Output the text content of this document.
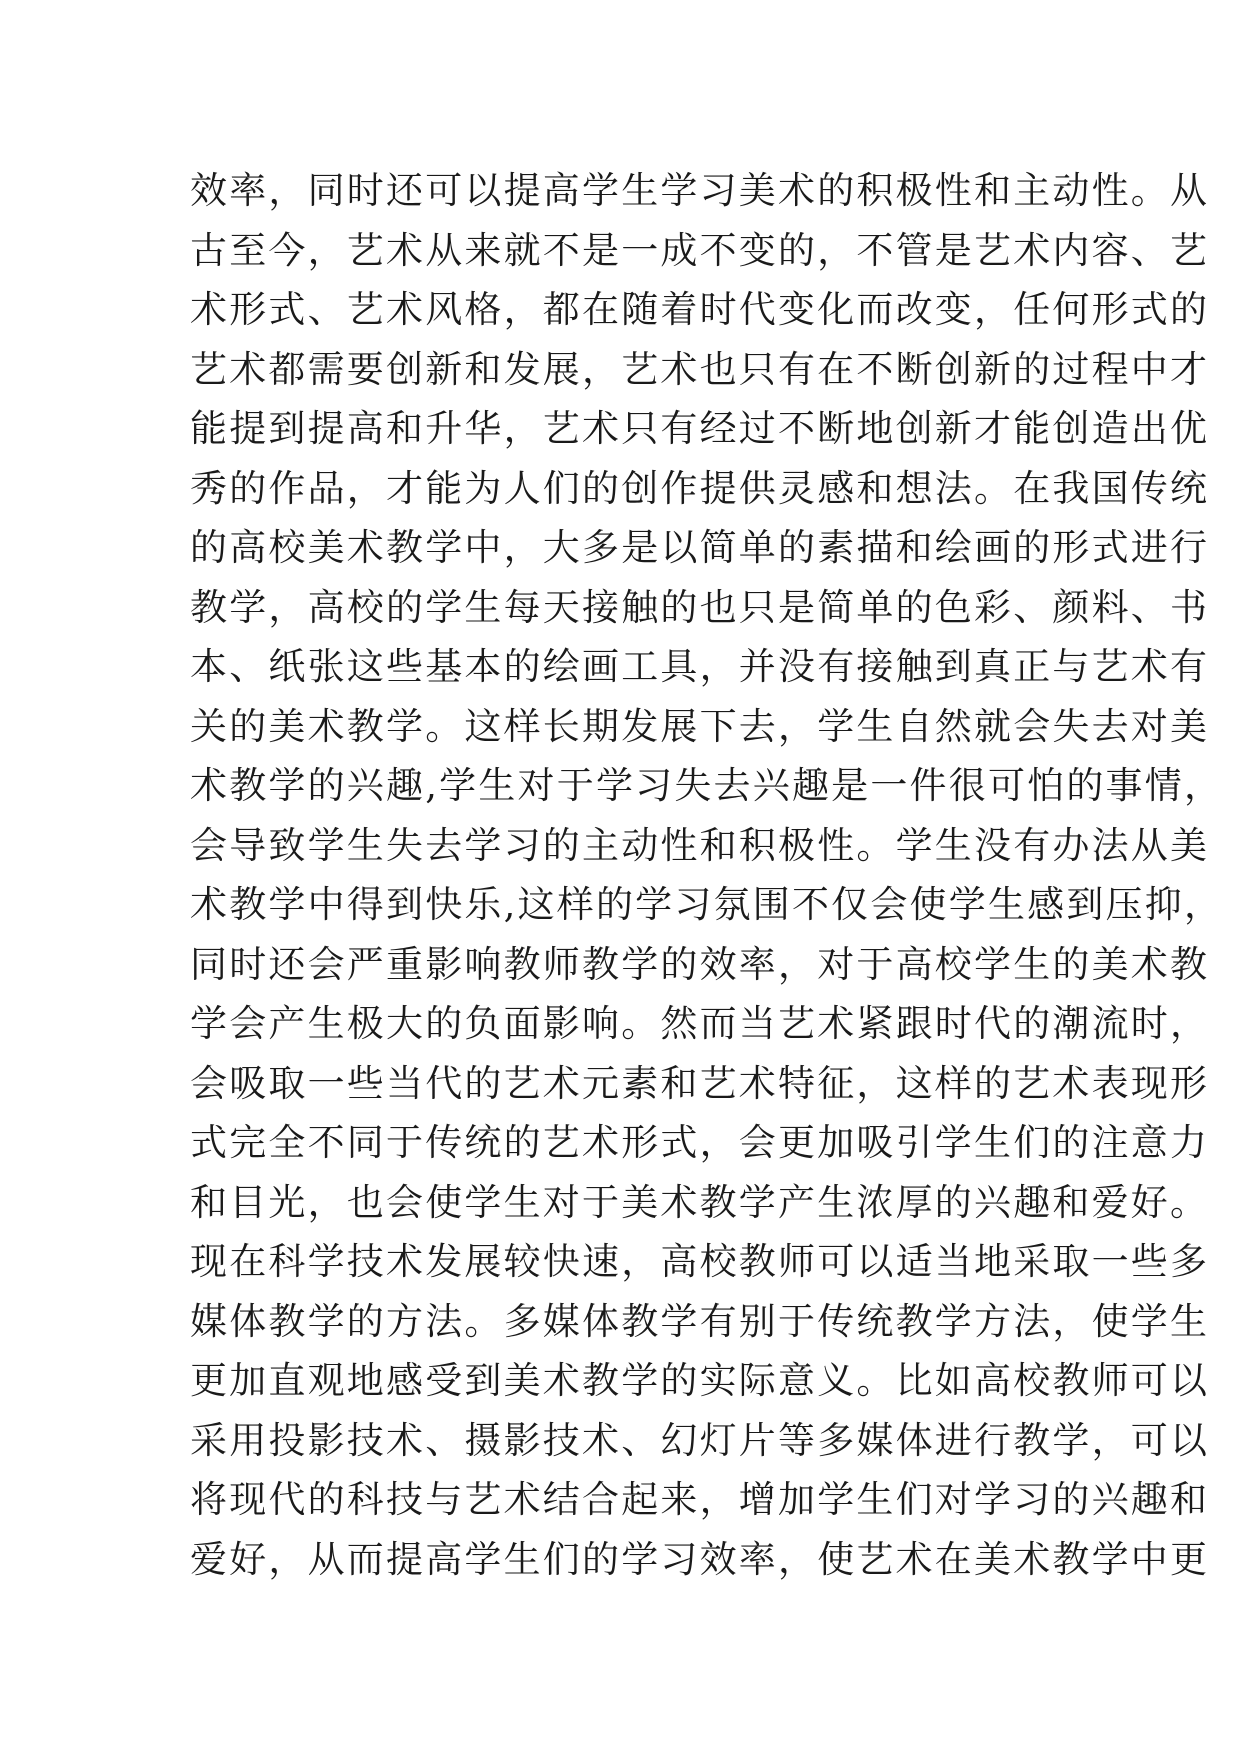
效率，同时还可以提高学生学习美术的积极性和主动性。从
古至今，艺术从来就不是一成不变的，不管是艺术内容、艺
术形式、艺术风格，都在随着时代变化而改变，任何形式的
艺术都需要创新和发展，艺术也只有在不断创新的过程中才
能提到提高和升华，艺术只有经过不断地创新才能创造出优
秀的作品，才能为人们的创作提供灵感和想法。在我国传统
的高校美术教学中，大多是以简单的素描和绘画的形式进行
教学，高校的学生每天接触的也只是简单的色彩、颜料、书
本、纸张这些基本的绘画工具，并没有接触到真正与艺术有
关的美术教学。这样长期发展下去，学生自然就会失去对美
术教学的兴趣,学生对于学习失去兴趣是一件很可怕的事情，
会导致学生失去学习的主动性和积极性。学生没有办法从美
术教学中得到快乐,这样的学习氛围不仅会使学生感到压抑，
同时还会严重影响教师教学的效率，对于高校学生的美术教
学会产生极大的负面影响。然而当艺术紧跟时代的潮流时，
会吸取一些当代的艺术元素和艺术特征，这样的艺术表现形
式完全不同于传统的艺术形式，会更加吸引学生们的注意力
和目光，也会使学生对于美术教学产生浓厚的兴趣和爱好。
现在科学技术发展较快速，高校教师可以适当地采取一些多
媒体教学的方法。多媒体教学有别于传统教学方法，使学生
更加直观地感受到美术教学的实际意义。比如高校教师可以
采用投影技术、摄影技术、幻灯片等多媒体进行教学，可以
将现代的科技与艺术结合起来，增加学生们对学习的兴趣和
爱好，从而提高学生们的学习效率，使艺术在美术教学中更
